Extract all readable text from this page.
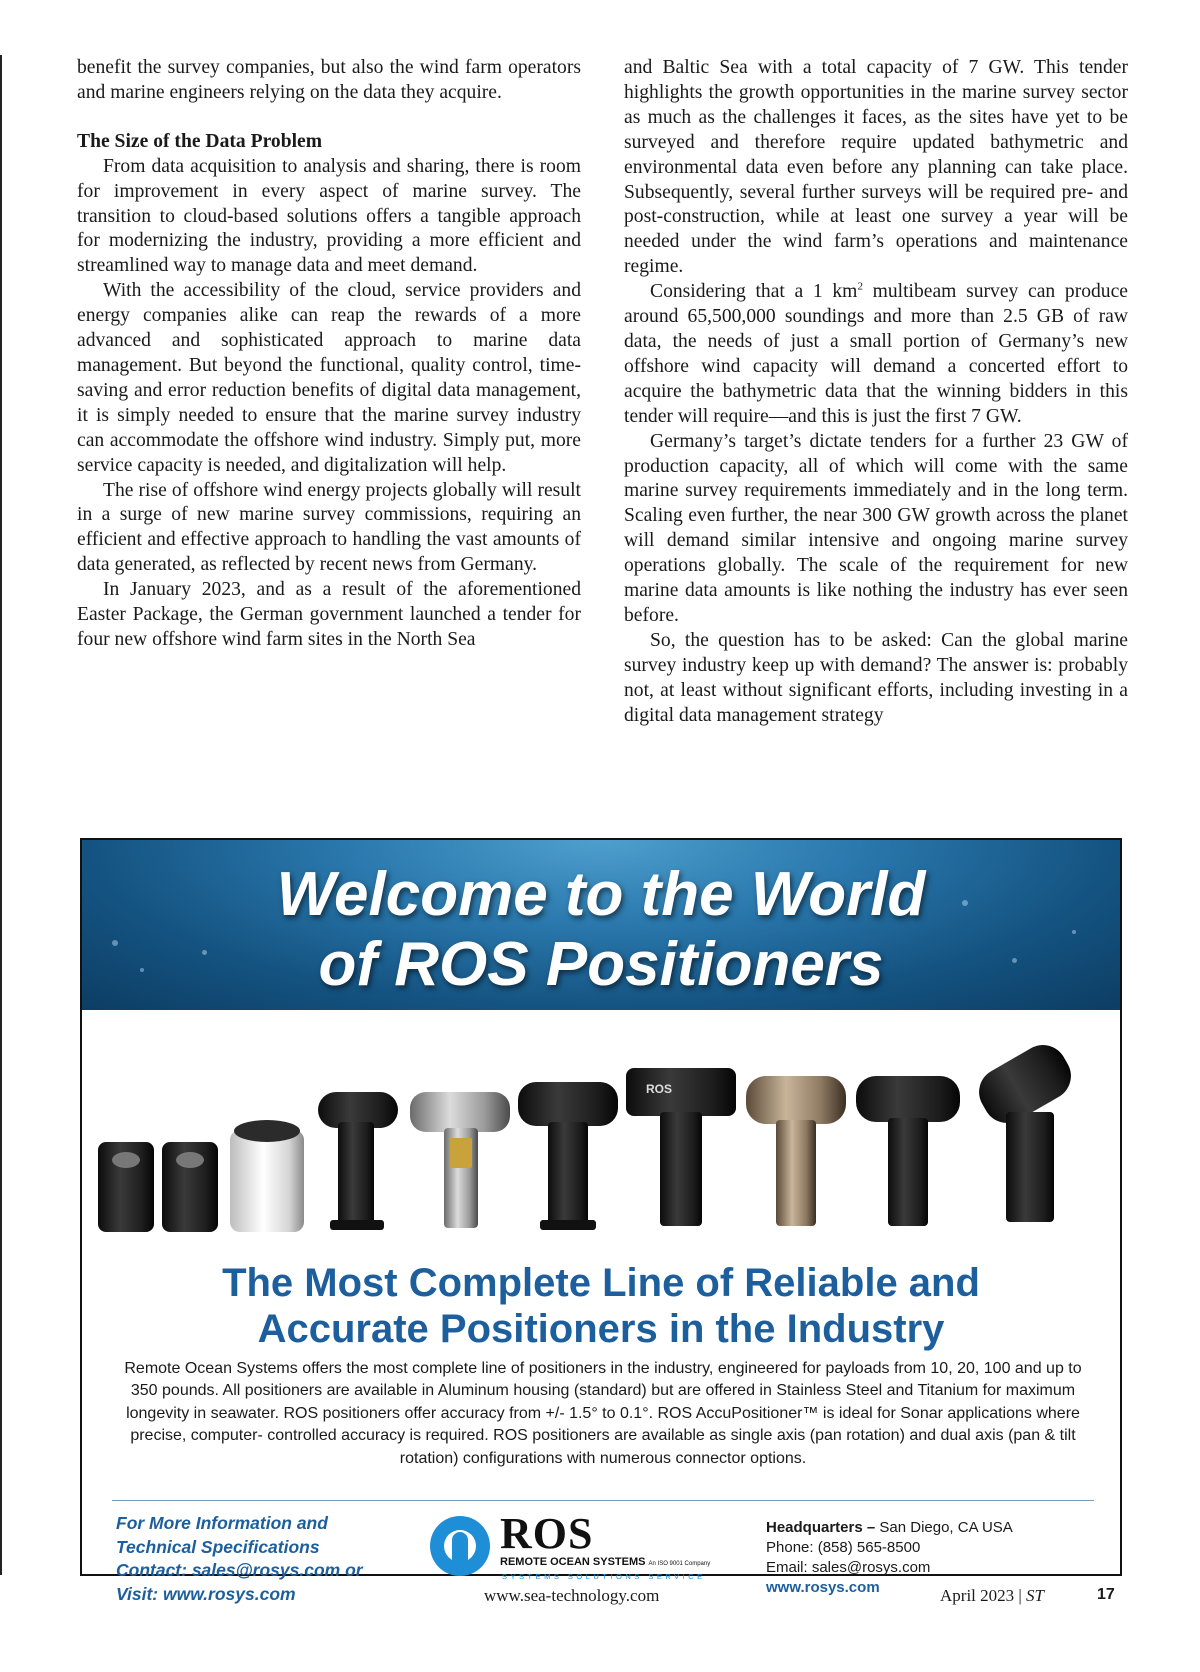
benefit the survey companies, but also the wind farm operators and marine engineers relying on the data they acquire.

The Size of the Data Problem

From data acquisition to analysis and sharing, there is room for improvement in every aspect of marine survey. The transition to cloud-based solutions offers a tangible approach for modernizing the industry, providing a more efficient and streamlined way to manage data and meet demand.

With the accessibility of the cloud, service providers and energy companies alike can reap the rewards of a more advanced and sophisticated approach to marine data management. But beyond the functional, quality control, time-saving and error reduction benefits of digital data management, it is simply needed to ensure that the marine survey industry can accommodate the offshore wind industry. Simply put, more service capacity is needed, and digitalization will help.

The rise of offshore wind energy projects globally will result in a surge of new marine survey commissions, requiring an efficient and effective approach to handling the vast amounts of data generated, as reflected by recent news from Germany.

In January 2023, and as a result of the aforementioned Easter Package, the German government launched a tender for four new offshore wind farm sites in the North Sea

and Baltic Sea with a total capacity of 7 GW. This tender highlights the growth opportunities in the marine survey sector as much as the challenges it faces, as the sites have yet to be surveyed and therefore require updated bathymetric and environmental data even before any planning can take place. Subsequently, several further surveys will be required pre- and post-construction, while at least one survey a year will be needed under the wind farm’s operations and maintenance regime.

Considering that a 1 $km^2$ multibeam survey can produce around 65,500,000 soundings and more than 2.5 GB of raw data, the needs of just a small portion of Germany’s new offshore wind capacity will demand a concerted effort to acquire the bathymetric data that the winning bidders in this tender will require—and this is just the first 7 GW.

Germany’s target’s dictate tenders for a further 23 GW of production capacity, all of which will come with the same marine survey requirements immediately and in the long term. Scaling even further, the near 300 GW growth across the planet will demand similar intensive and ongoing marine survey operations globally. The scale of the requirement for new marine data amounts is like nothing the industry has ever seen before.

So, the question has to be asked: Can the global marine survey industry keep up with demand? The answer is: probably not, at least without significant efforts, including investing in a digital data management strategy

Welcome to the World
of ROS Positioners
ROS
The Most Complete Line of Reliable and
Accurate Positioners in the Industry
Remote Ocean Systems offers the most complete line of positioners in the industry, engineered for payloads from 10, 20, 100 and up to 350 pounds. All positioners are available in Aluminum housing (standard) but are offered in Stainless Steel and Titanium for maximum longevity in seawater. ROS positioners offer accuracy from +/- 1.5° to 0.1°. ROS AccuPositioner™ is ideal for Sonar applications where precise, computer- controlled accuracy is required. ROS positioners are available as single axis (pan rotation) and dual axis (pan & tilt rotation) configurations with numerous connector options.
For More Information and
Technical Specifications
Contact: sales@rosys.com or
Visit: www.rosys.com
ROS
REMOTE OCEAN SYSTEMS An ISO 9001 Company
SYSTEMS SOLUTIONS SERVICE
Headquarters – San Diego, CA USA
Phone: (858) 565-8500
Email: sales@rosys.com
www.rosys.com
www.sea-technology.com	April 2023 | ST	17
